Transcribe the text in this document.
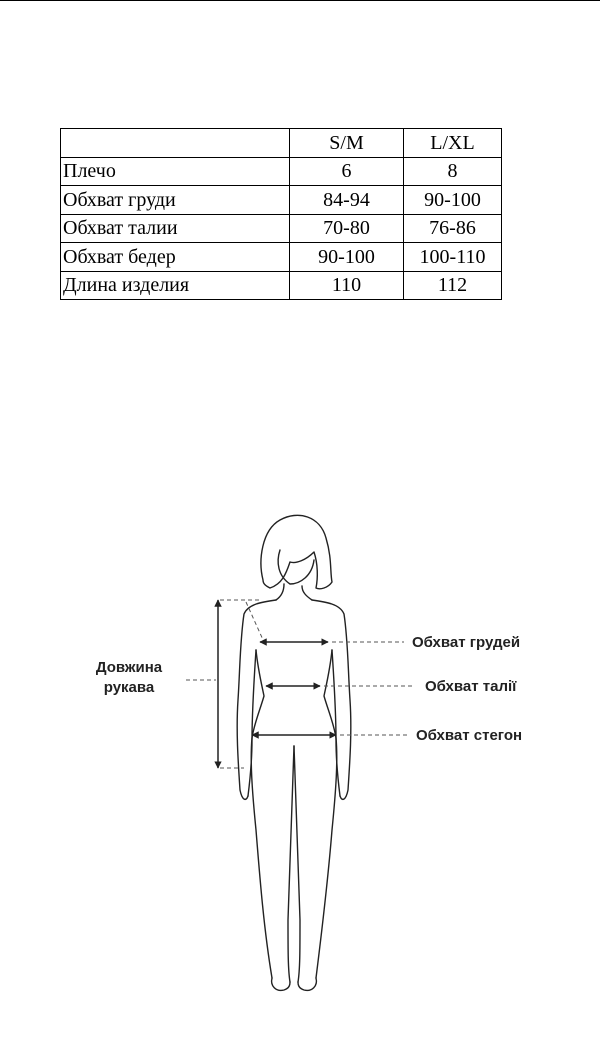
	S/M	L/XL
Плечо	6	8
Обхват груди	84-94	90-100
Обхват талии	70-80	76-86
Обхват бедер	90-100	100-110
Длина изделия	110	112
Довжина
рукава
Обхват грудей
Обхват талії
Обхват стегон
